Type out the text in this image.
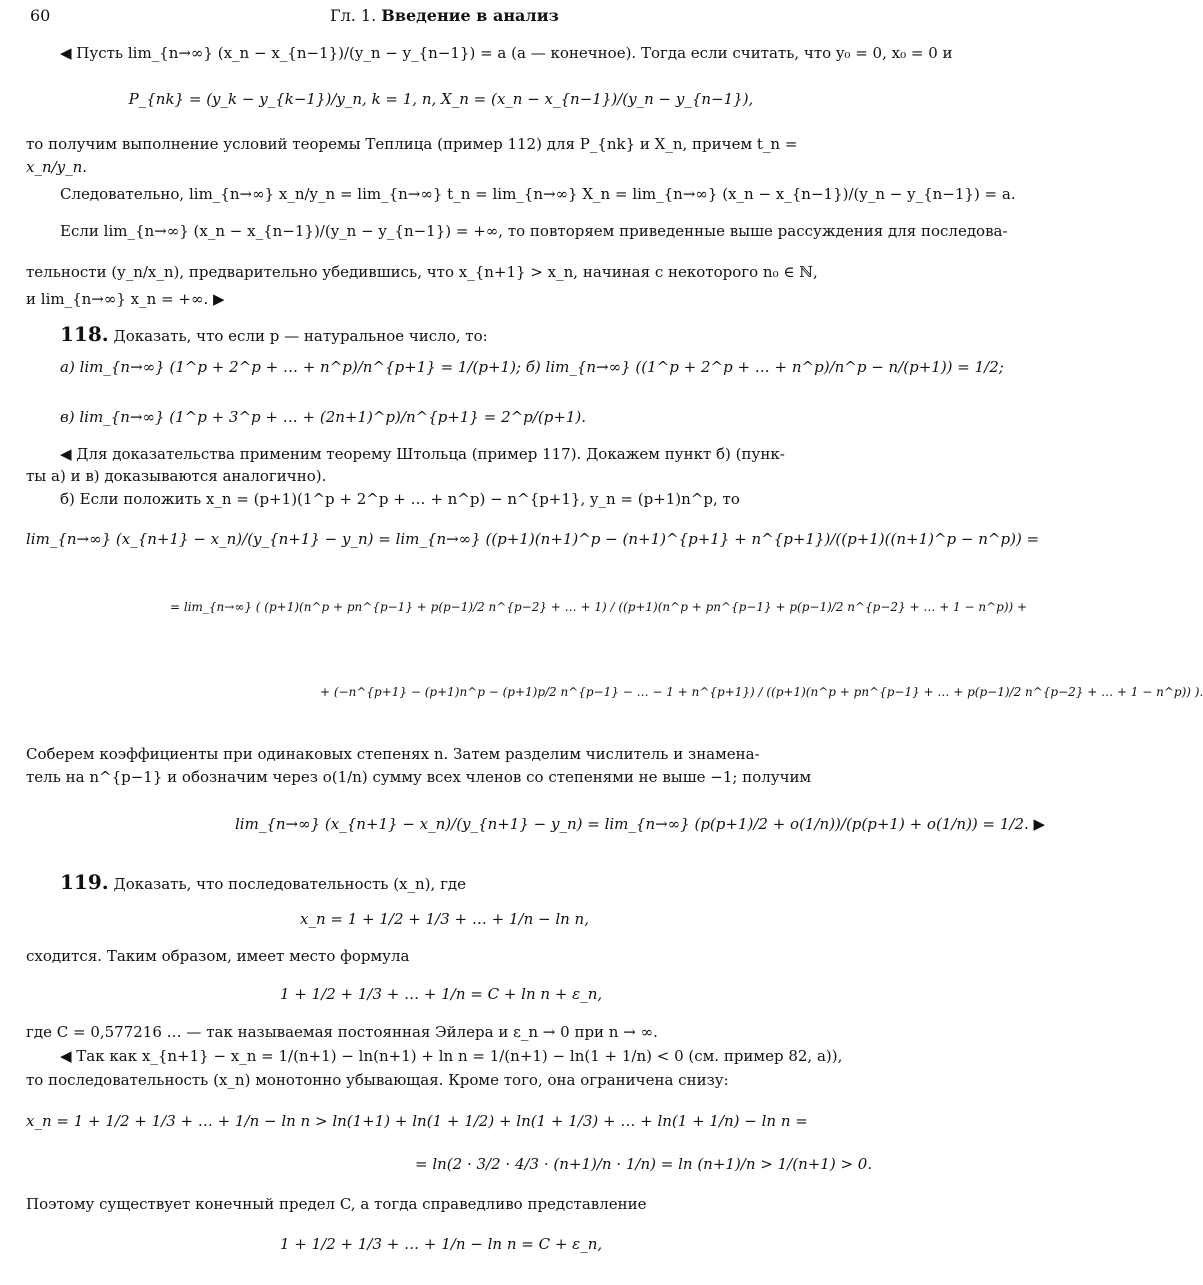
60	Гл. 1. Введение в анализ
◀ Пусть lim_{n→∞} (x_n − x_{n−1})/(y_n − y_{n−1}) = a (a — конечное). Тогда если считать, что y₀ = 0, x₀ = 0 и
P_{nk} = (y_k − y_{k−1})/y_n, k = 1, n, X_n = (x_n − x_{n−1})/(y_n − y_{n−1}),
то получим выполнение условий теоремы Теплица (пример 112) для P_{nk} и X_n, причем t_n =
x_n/y_n.
Следовательно, lim_{n→∞} x_n/y_n = lim_{n→∞} t_n = lim_{n→∞} X_n = lim_{n→∞} (x_n − x_{n−1})/(y_n − y_{n−1}) = a.
Если lim_{n→∞} (x_n − x_{n−1})/(y_n − y_{n−1}) = +∞, то повторяем приведенные выше рассуждения для последова-
тельности (y_n/x_n), предварительно убедившись, что x_{n+1} > x_n, начиная с некоторого n₀ ∈ ℕ,
и lim_{n→∞} x_n = +∞. ▶
118. Доказать, что если p — натуральное число, то:
а) lim_{n→∞} (1^p + 2^p + … + n^p)/n^{p+1} = 1/(p+1); б) lim_{n→∞} ((1^p + 2^p + … + n^p)/n^p − n/(p+1)) = 1/2;
в) lim_{n→∞} (1^p + 3^p + … + (2n+1)^p)/n^{p+1} = 2^p/(p+1).
◀ Для доказательства применим теорему Штольца (пример 117). Докажем пункт б) (пунк-
ты а) и в) доказываются аналогично).
б) Если положить x_n = (p+1)(1^p + 2^p + … + n^p) − n^{p+1}, y_n = (p+1)n^p, то
lim_{n→∞} (x_{n+1} − x_n)/(y_{n+1} − y_n) = lim_{n→∞} ((p+1)(n+1)^p − (n+1)^{p+1} + n^{p+1})/((p+1)((n+1)^p − n^p)) =
= lim_{n→∞} ( (p+1)(n^p + pn^{p−1} + p(p−1)/2 n^{p−2} + … + 1) / ((p+1)(n^p + pn^{p−1} + p(p−1)/2 n^{p−2} + … + 1 − n^p)) +
+ (−n^{p+1} − (p+1)n^p − (p+1)p/2 n^{p−1} − … − 1 + n^{p+1}) / ((p+1)(n^p + pn^{p−1} + … + p(p−1)/2 n^{p−2} + … + 1 − n^p)) ).
Соберем коэффициенты при одинаковых степенях n. Затем разделим числитель и знамена-
тель на n^{p−1} и обозначим через o(1/n) сумму всех членов со степенями не выше −1; получим
lim_{n→∞} (x_{n+1} − x_n)/(y_{n+1} − y_n) = lim_{n→∞} (p(p+1)/2 + o(1/n))/(p(p+1) + o(1/n)) = 1/2. ▶
119. Доказать, что последовательность (x_n), где
x_n = 1 + 1/2 + 1/3 + … + 1/n − ln n,
сходится. Таким образом, имеет место формула
1 + 1/2 + 1/3 + … + 1/n = C + ln n + ε_n,
где C = 0,577216 … — так называемая постоянная Эйлера и ε_n → 0 при n → ∞.
◀ Так как x_{n+1} − x_n = 1/(n+1) − ln(n+1) + ln n = 1/(n+1) − ln(1 + 1/n) < 0 (см. пример 82, а)),
то последовательность (x_n) монотонно убывающая. Кроме того, она ограничена снизу:
x_n = 1 + 1/2 + 1/3 + … + 1/n − ln n > ln(1+1) + ln(1 + 1/2) + ln(1 + 1/3) + … + ln(1 + 1/n) − ln n =
= ln(2 · 3/2 · 4/3 · (n+1)/n · 1/n) = ln (n+1)/n > 1/(n+1) > 0.
Поэтому существует конечный предел C, а тогда справедливо представление
1 + 1/2 + 1/3 + … + 1/n − ln n = C + ε_n,
